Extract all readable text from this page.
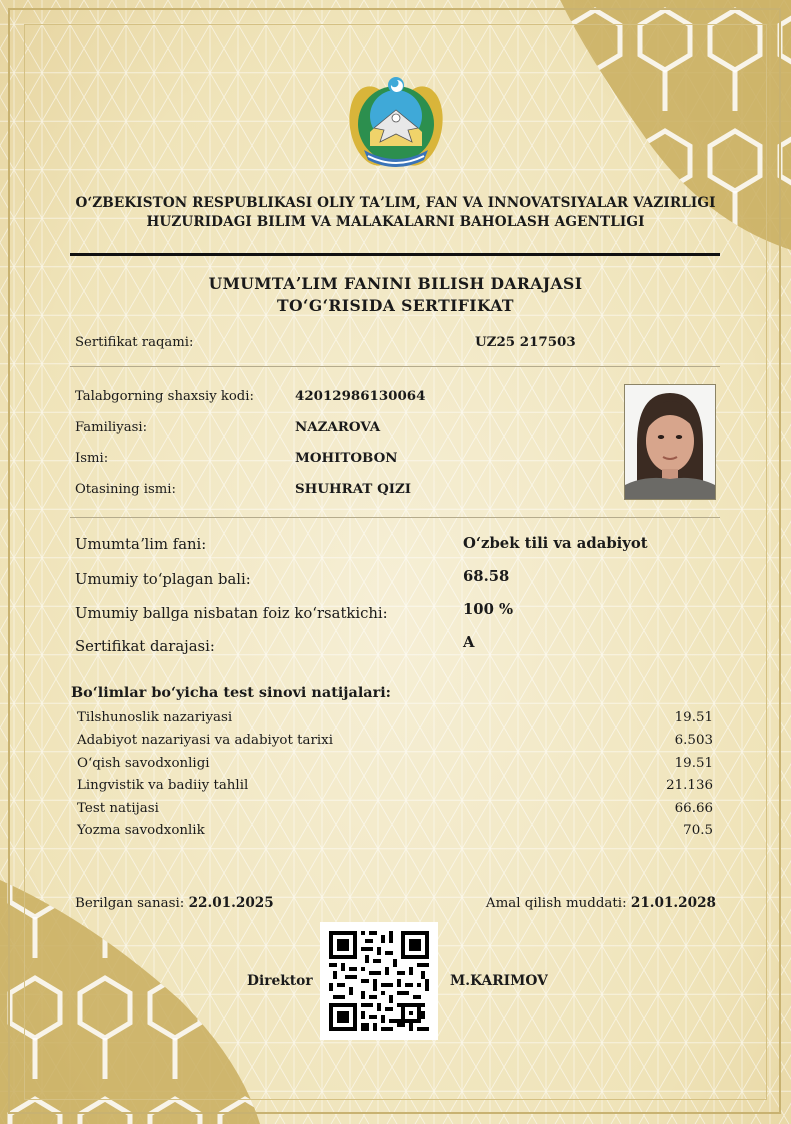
OʻZBEKISTON RESPUBLIKASI OLIY TAʼLIM, FAN VA INNOVATSIYALAR VAZIRLIGI
HUZURIDAGI BILIM VA MALAKALARNI BAHOLASH AGENTLIGI
UMUMTAʼLIM FANINI BILISH DARAJASI
TOʻGʻRISIDA SERTIFIKAT
Sertifikat raqami:	UZ25 217503
Talabgorning shaxsiy kodi:	42012986130064
Familiyasi:	NAZAROVA
Ismi:	MOHITOBON
Otasining ismi:	SHUHRAT QIZI
Umumtaʼlim fani:	Oʻzbek tili va adabiyot
Umumiy toʻplagan bali:	68.58
Umumiy ballga nisbatan foiz koʻrsatkichi:	100 %
Sertifikat darajasi:	A
Boʻlimlar boʻyicha test sinovi natijalari:
Tilshunoslik nazariyasi	19.51
Adabiyot nazariyasi va adabiyot tarixi	6.503
Oʻqish savodxonligi	19.51
Lingvistik va badiiy tahlil	21.136
Test natijasi	66.66
Yozma savodxonlik	70.5
Berilgan sanasi: 22.01.2025	Amal qilish muddati: 21.01.2028
Direktor	M.KARIMOV
